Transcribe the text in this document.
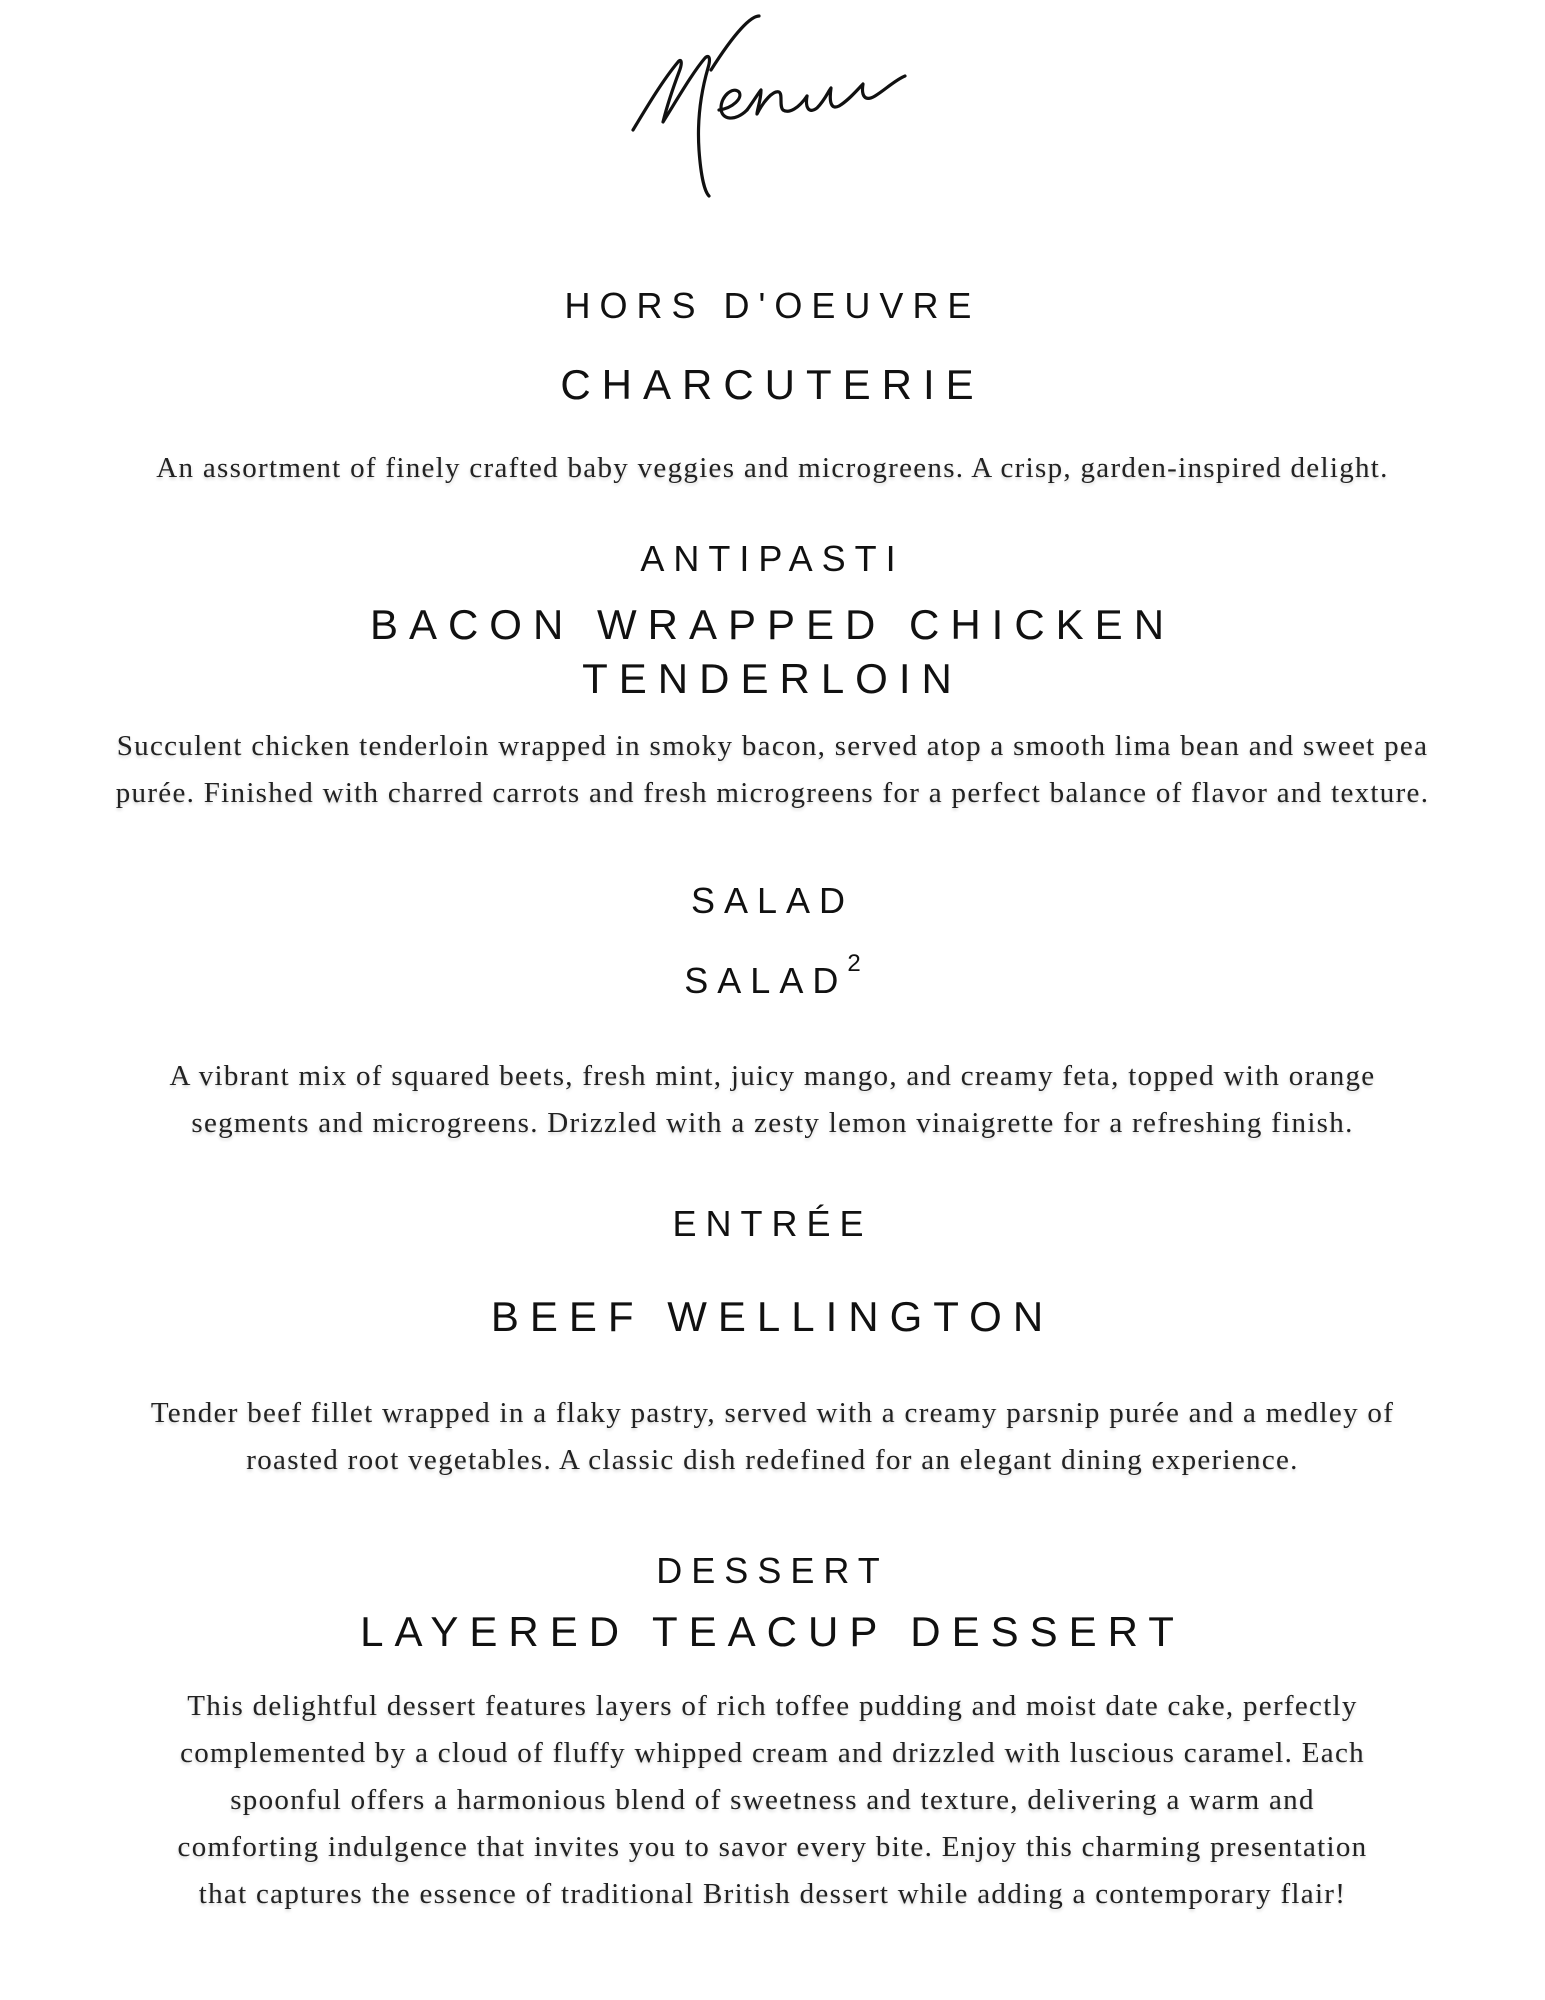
HORS D'OEUVRE
CHARCUTERIE
An assortment of finely crafted baby veggies and microgreens. A crisp, garden-inspired delight.
ANTIPASTI
BACON WRAPPED CHICKEN
TENDERLOIN
Succulent chicken tenderloin wrapped in smoky bacon, served atop a smooth lima bean and sweet pea
purée. Finished with charred carrots and fresh microgreens for a perfect balance of flavor and texture.
SALAD
SALAD$^2$
A vibrant mix of squared beets, fresh mint, juicy mango, and creamy feta, topped with orange
segments and microgreens. Drizzled with a zesty lemon vinaigrette for a refreshing finish.
ENTRÉE
BEEF WELLINGTON
Tender beef fillet wrapped in a flaky pastry, served with a creamy parsnip purée and a medley of
roasted root vegetables. A classic dish redefined for an elegant dining experience.
DESSERT
LAYERED TEACUP DESSERT
This delightful dessert features layers of rich toffee pudding and moist date cake, perfectly
complemented by a cloud of fluffy whipped cream and drizzled with luscious caramel. Each
spoonful offers a harmonious blend of sweetness and texture, delivering a warm and
comforting indulgence that invites you to savor every bite. Enjoy this charming presentation
that captures the essence of traditional British dessert while adding a contemporary flair!
